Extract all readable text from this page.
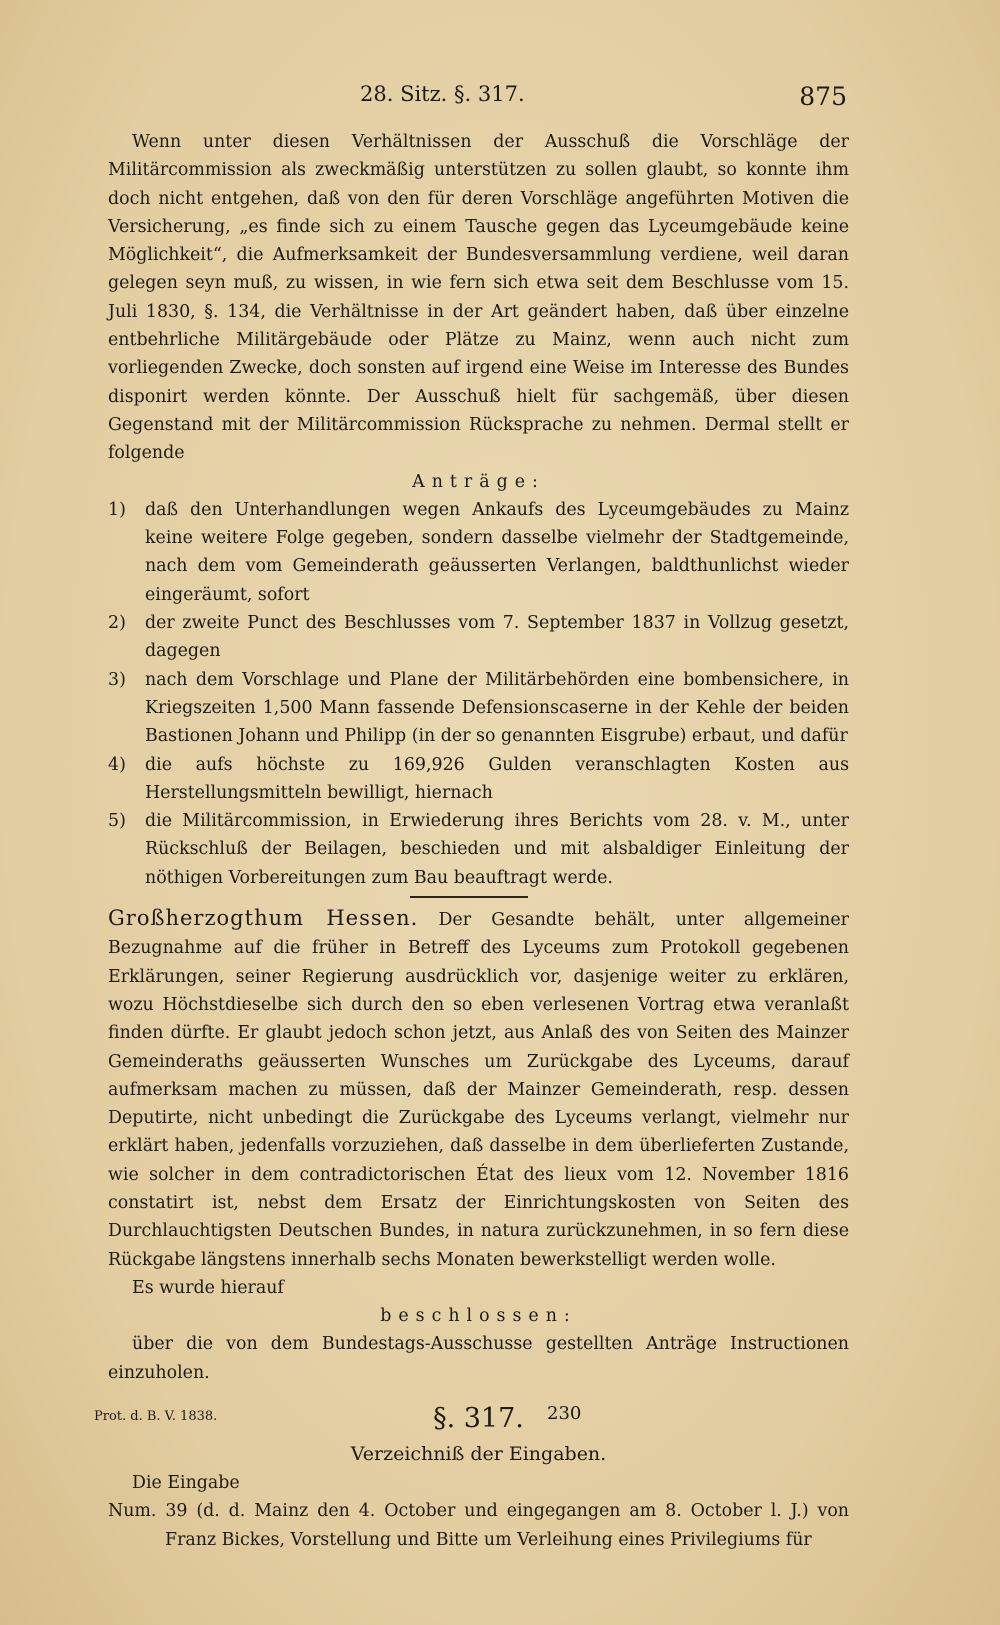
28. Sitz. §. 317.	875

Wenn unter diesen Verhältnissen der Ausschuß die Vorschläge der Militärcommission als zweckmäßig unterstützen zu sollen glaubt, so konnte ihm doch nicht entgehen, daß von den für deren Vorschläge angeführten Motiven die Versicherung, „es finde sich zu einem Tausche gegen das Lyceumgebäude keine Möglichkeit“, die Aufmerksamkeit der Bundesversammlung verdiene, weil daran gelegen seyn muß, zu wissen, in wie fern sich etwa seit dem Beschlusse vom 15. Juli 1830, §. 134, die Verhältnisse in der Art geändert haben, daß über einzelne entbehrliche Militärgebäude oder Plätze zu Mainz, wenn auch nicht zum vorliegenden Zwecke, doch sonsten auf irgend eine Weise im Interesse des Bundes disponirt werden könnte. Der Ausschuß hielt für sachgemäß, über diesen Gegenstand mit der Militärcommission Rücksprache zu nehmen. Dermal stellt er folgende

Anträge:

1)	daß den Unterhandlungen wegen Ankaufs des Lyceumgebäudes zu Mainz keine weitere Folge gegeben, sondern dasselbe vielmehr der Stadtgemeinde, nach dem vom Gemeinderath geäusserten Verlangen, baldthunlichst wieder eingeräumt, sofort
2)	der zweite Punct des Beschlusses vom 7. September 1837 in Vollzug gesetzt, dagegen
3)	nach dem Vorschlage und Plane der Militärbehörden eine bombensichere, in Kriegszeiten 1,500 Mann fassende Defensionscaserne in der Kehle der beiden Bastionen Johann und Philipp (in der so genannten Eisgrube) erbaut, und dafür
4)	die aufs höchste zu 169,926 Gulden veranschlagten Kosten aus Herstellungsmitteln bewilligt, hiernach
5)	die Militärcommission, in Erwiederung ihres Berichts vom 28. v. M., unter Rückschluß der Beilagen, beschieden und mit alsbaldiger Einleitung der nöthigen Vorbereitungen zum Bau beauftragt werde.

Großherzogthum Hessen. Der Gesandte behält, unter allgemeiner Bezugnahme auf die früher in Betreff des Lyceums zum Protokoll gegebenen Erklärungen, seiner Regierung ausdrücklich vor, dasjenige weiter zu erklären, wozu Höchstdieselbe sich durch den so eben verlesenen Vortrag etwa veranlaßt finden dürfte. Er glaubt jedoch schon jetzt, aus Anlaß des von Seiten des Mainzer Gemeinderaths geäusserten Wunsches um Zurückgabe des Lyceums, darauf aufmerksam machen zu müssen, daß der Mainzer Gemeinderath, resp. dessen Deputirte, nicht unbedingt die Zurückgabe des Lyceums verlangt, vielmehr nur erklärt haben, jedenfalls vorzuziehen, daß dasselbe in dem überlieferten Zustande, wie solcher in dem contradictorischen État des lieux vom 12. November 1816 constatirt ist, nebst dem Ersatz der Einrichtungskosten von Seiten des Durchlauchtigsten Deutschen Bundes, in natura zurückzunehmen, in so fern diese Rückgabe längstens innerhalb sechs Monaten bewerkstelligt werden wolle.

Es wurde hierauf

beschlossen:

über die von dem Bundestags-Ausschusse gestellten Anträge Instructionen einzuholen.

§. 317.

Verzeichniß der Eingaben.

Die Eingabe

Num. 39 (d. d. Mainz den 4. October und eingegangen am 8. October l. J.) von Franz Bickes, Vorstellung und Bitte um Verleihung eines Privilegiums für

Prot. d. B. V. 1838.	230
